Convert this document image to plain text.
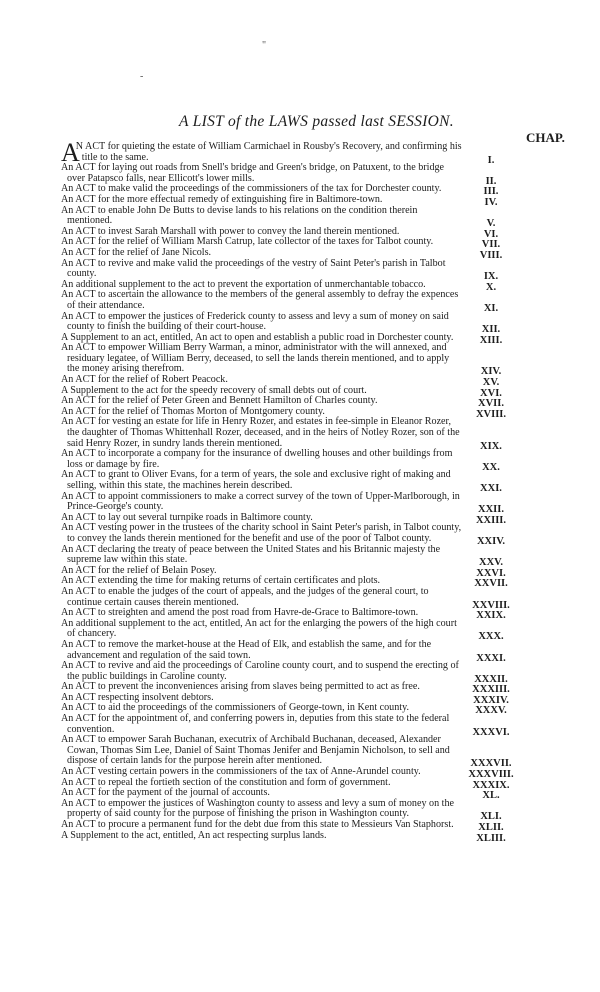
"
-
A LIST of the LAWS passed last SESSION.
CHAP.
AN ACT for quieting the estate of William Carmichael in Rousby's Recovery, and confirming his title to the same.	I.
An ACT for laying out roads from Snell's bridge and Green's bridge, on Patuxent, to the bridge over Patapsco falls, near Ellicott's lower mills.	II.
An ACT to make valid the proceedings of the commissioners of the tax for Dorchester county.	III.
An ACT for the more effectual remedy of extinguishing fire in Baltimore-town.	IV.
An ACT to enable John De Butts to devise lands to his relations on the condition therein mentioned.	V.
An ACT to invest Sarah Marshall with power to convey the land therein mentioned.	VI.
An ACT for the relief of William Marsh Catrup, late collector of the taxes for Talbot county.	VII.
An ACT for the relief of Jane Nicols.	VIII.
An ACT to revive and make valid the proceedings of the vestry of Saint Peter's parish in Talbot county.	IX.
An additional supplement to the act to prevent the exportation of unmerchantable tobacco.	X.
An ACT to ascertain the allowance to the members of the general assembly to defray the expences of their attendance.	XI.
An ACT to empower the justices of Frederick county to assess and levy a sum of money on said county to finish the building of their court-house.	XII.
A Supplement to an act, entitled, An act to open and establish a public road in Dorchester county.	XIII.
An ACT to empower William Berry Warman, a minor, administrator with the will annexed, and residuary legatee, of William Berry, deceased, to sell the lands therein mentioned, and to apply the money arising therefrom.	XIV.
An ACT for the relief of Robert Peacock.	XV.
A Supplement to the act for the speedy recovery of small debts out of court.	XVI.
An ACT for the relief of Peter Green and Bennett Hamilton of Charles county.	XVII.
An ACT for the relief of Thomas Morton of Montgomery county.	XVIII.
An ACT for vesting an estate for life in Henry Rozer, and estates in fee-simple in Eleanor Rozer, the daughter of Thomas Whittenhall Rozer, deceased, and in the heirs of Notley Rozer, son of the said Henry Rozer, in sundry lands therein mentioned.	XIX.
An ACT to incorporate a company for the insurance of dwelling houses and other buildings from loss or damage by fire.	XX.
An ACT to grant to Oliver Evans, for a term of years, the sole and exclusive right of making and selling, within this state, the machines herein described.	XXI.
An ACT to appoint commissioners to make a correct survey of the town of Upper-Marlborough, in Prince-George's county.	XXII.
An ACT to lay out several turnpike roads in Baltimore county.	XXIII.
An ACT vesting power in the trustees of the charity school in Saint Peter's parish, in Talbot county, to convey the lands therein mentioned for the benefit and use of the poor of Talbot county.	XXIV.
An ACT declaring the treaty of peace between the United States and his Britannic majesty the supreme law within this state.	XXV.
An ACT for the relief of Belain Posey.	XXVI.
An ACT extending the time for making returns of certain certificates and plots.	XXVII.
An ACT to enable the judges of the court of appeals, and the judges of the general court, to continue certain causes therein mentioned.	XXVIII.
An ACT to streighten and amend the post road from Havre-de-Grace to Baltimore-town.	XXIX.
An additional supplement to the act, entitled, An act for the enlarging the powers of the high court of chancery.	XXX.
An ACT to remove the market-house at the Head of Elk, and establish the same, and for the advancement and regulation of the said town.	XXXI.
An ACT to revive and aid the proceedings of Caroline county court, and to suspend the erecting of the public buildings in Caroline county.	XXXII.
An ACT to prevent the inconveniences arising from slaves being permitted to act as free.	XXXIII.
An ACT respecting insolvent debtors.	XXXIV.
An ACT to aid the proceedings of the commissioners of George-town, in Kent county.	XXXV.
An ACT for the appointment of, and conferring powers in, deputies from this state to the federal convention.	XXXVI.
An ACT to empower Sarah Buchanan, executrix of Archibald Buchanan, deceased, Alexander Cowan, Thomas Sim Lee, Daniel of Saint Thomas Jenifer and Benjamin Nicholson, to sell and dispose of certain lands for the purpose herein after mentioned.	XXXVII.
An ACT vesting certain powers in the commissioners of the tax of Anne-Arundel county.	XXXVIII.
An ACT to repeal the fortieth section of the constitution and form of government.	XXXIX.
An ACT for the payment of the journal of accounts.	XL.
An ACT to empower the justices of Washington county to assess and levy a sum of money on the property of said county for the purpose of finishing the prison in Washington county.	XLI.
An ACT to procure a permanent fund for the debt due from this state to Messieurs Van Staphorst.	XLII.
A Supplement to the act, entitled, An act respecting surplus lands.	XLIII.
